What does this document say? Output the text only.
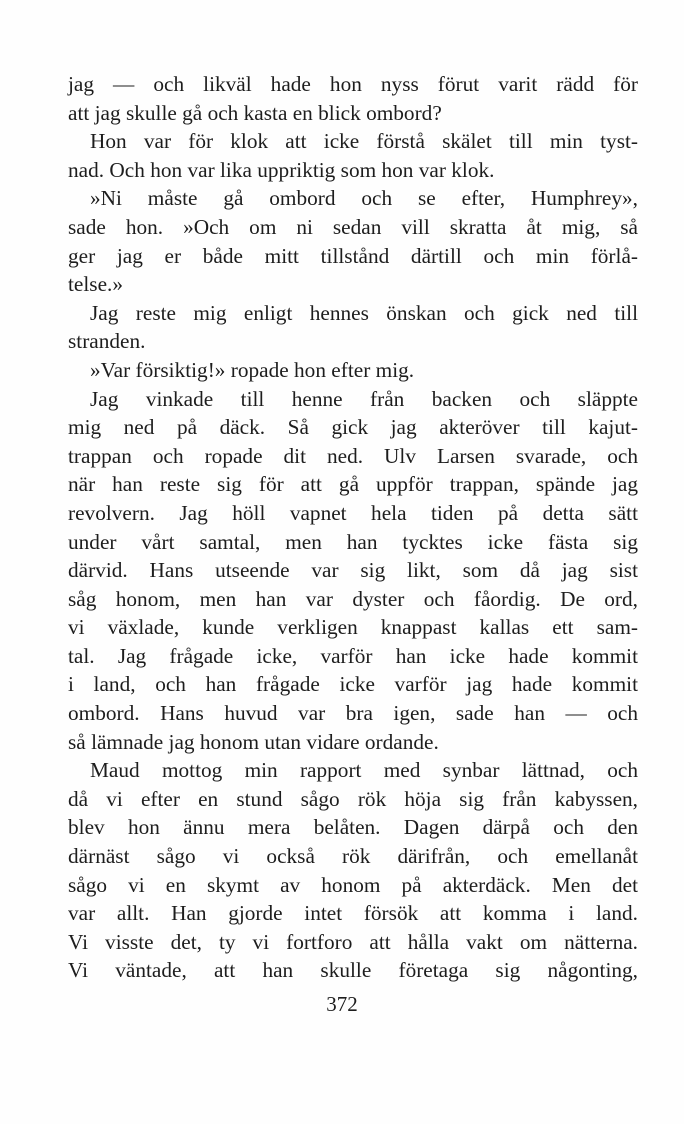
jag — och likväl hade hon nyss förut varit rädd för
att jag skulle gå och kasta en blick ombord?
Hon var för klok att icke förstå skälet till min tyst-
nad. Och hon var lika uppriktig som hon var klok.
»Ni måste gå ombord och se efter, Humphrey»,
sade hon. »Och om ni sedan vill skratta åt mig, så
ger jag er både mitt tillstånd därtill och min förlå-
telse.»
Jag reste mig enligt hennes önskan och gick ned till
stranden.
»Var försiktig!» ropade hon efter mig.
Jag vinkade till henne från backen och släppte
mig ned på däck. Så gick jag akteröver till kajut-
trappan och ropade dit ned. Ulv Larsen svarade, och
när han reste sig för att gå uppför trappan, spände jag
revolvern. Jag höll vapnet hela tiden på detta sätt
under vårt samtal, men han tycktes icke fästa sig
därvid. Hans utseende var sig likt, som då jag sist
såg honom, men han var dyster och fåordig. De ord,
vi växlade, kunde verkligen knappast kallas ett sam-
tal. Jag frågade icke, varför han icke hade kommit
i land, och han frågade icke varför jag hade kommit
ombord. Hans huvud var bra igen, sade han — och
så lämnade jag honom utan vidare ordande.
Maud mottog min rapport med synbar lättnad, och
då vi efter en stund sågo rök höja sig från kabyssen,
blev hon ännu mera belåten. Dagen därpå och den
därnäst sågo vi också rök därifrån, och emellanåt
sågo vi en skymt av honom på akterdäck. Men det
var allt. Han gjorde intet försök att komma i land.
Vi visste det, ty vi fortforo att hålla vakt om nätterna.
Vi väntade, att han skulle företaga sig någonting,
372
